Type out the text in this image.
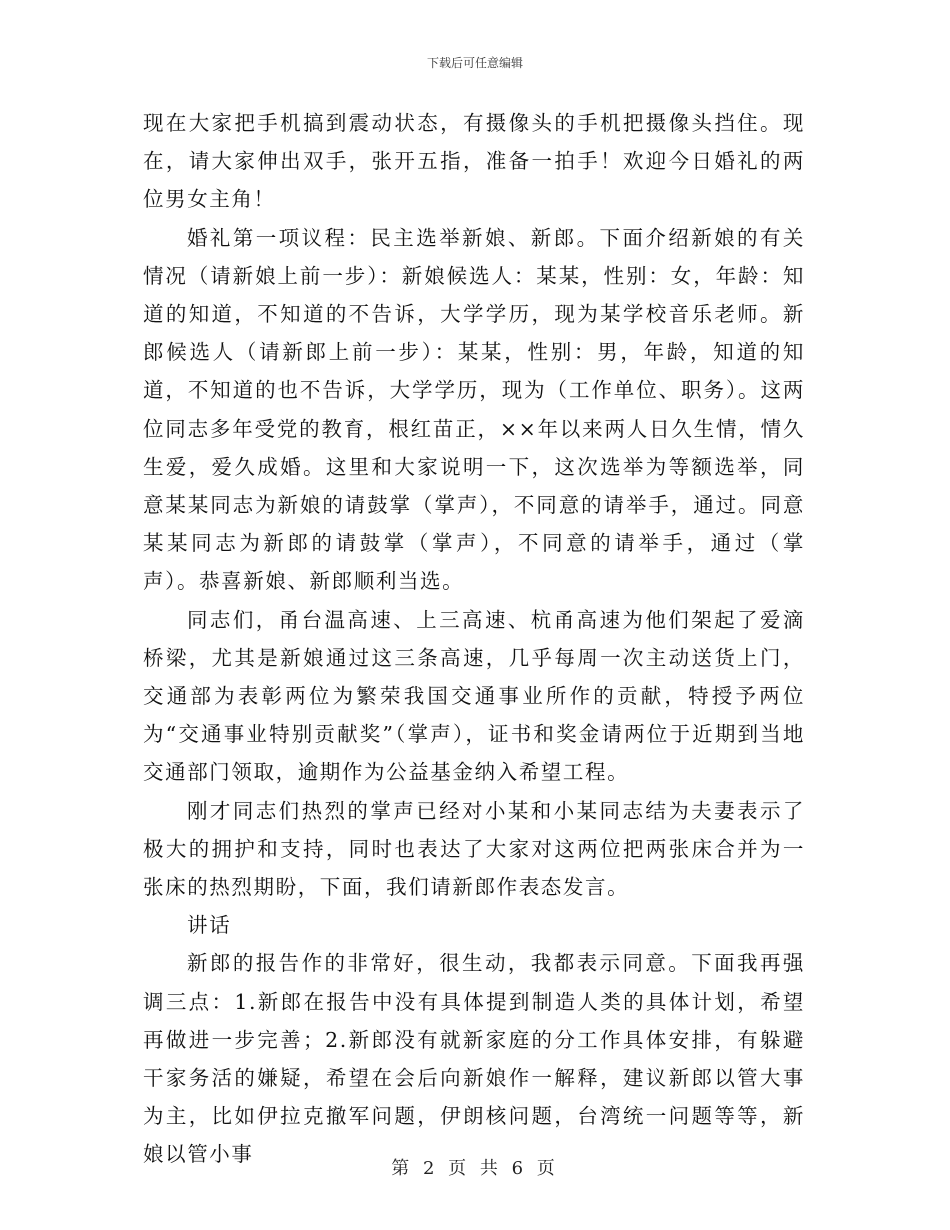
下载后可任意编辑

现在大家把手机搞到震动状态，有摄像头的手机把摄像头挡住。现在，请大家伸出双手，张开五指，准备一拍手！欢迎今日婚礼的两位男女主角！

婚礼第一项议程：民主选举新娘、新郎。下面介绍新娘的有关情况（请新娘上前一步）：新娘候选人：某某，性别：女，年龄：知道的知道，不知道的不告诉，大学学历，现为某学校音乐老师。新郎候选人（请新郎上前一步）：某某，性别：男，年龄，知道的知道，不知道的也不告诉，大学学历，现为（工作单位、职务）。这两位同志多年受党的教育，根红苗正，××年以来两人日久生情，情久生爱，爱久成婚。这里和大家说明一下，这次选举为等额选举，同意某某同志为新娘的请鼓掌（掌声），不同意的请举手，通过。同意某某同志为新郎的请鼓掌（掌声），不同意的请举手，通过（掌声）。恭喜新娘、新郎顺利当选。

同志们，甬台温高速、上三高速、杭甬高速为他们架起了爱滴桥梁，尤其是新娘通过这三条高速，几乎每周一次主动送货上门，交通部为表彰两位为繁荣我国交通事业所作的贡献，特授予两位为“交通事业特别贡献奖”（掌声），证书和奖金请两位于近期到当地交通部门领取，逾期作为公益基金纳入希望工程。

刚才同志们热烈的掌声已经对小某和小某同志结为夫妻表示了极大的拥护和支持，同时也表达了大家对这两位把两张床合并为一张床的热烈期盼，下面，我们请新郎作表态发言。

讲话

新郎的报告作的非常好，很生动，我都表示同意。下面我再强调三点：1.新郎在报告中没有具体提到制造人类的具体计划，希望再做进一步完善；2.新郎没有就新家庭的分工作具体安排，有躲避干家务活的嫌疑，希望在会后向新娘作一解释，建议新郎以管大事为主，比如伊拉克撤军问题，伊朗核问题，台湾统一问题等等，新娘以管小事

第 2 页 共 6 页
